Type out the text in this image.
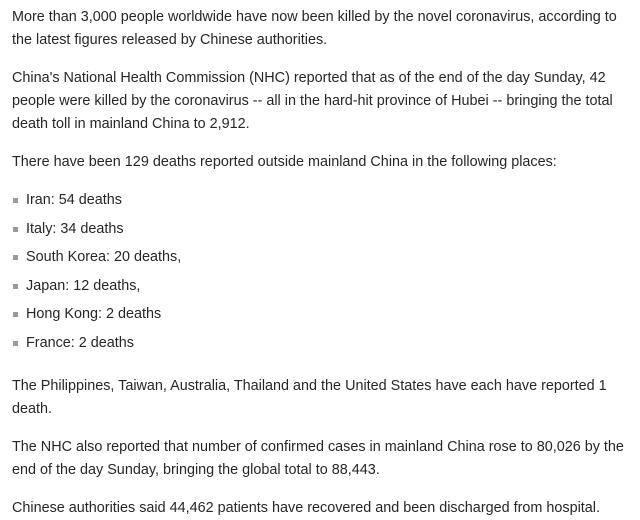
More than 3,000 people worldwide have now been killed by the novel coronavirus, according to the latest figures released by Chinese authorities.

China's National Health Commission (NHC) reported that as of the end of the day Sunday, 42 people were killed by the coronavirus -- all in the hard-hit province of Hubei -- bringing the total death toll in mainland China to 2,912.

There have been 129 deaths reported outside mainland China in the following places:

Iran: 54 deaths
Italy: 34 deaths
South Korea: 20 deaths,
Japan: 12 deaths,
Hong Kong: 2 deaths
France: 2 deaths

The Philippines, Taiwan, Australia, Thailand and the United States have each have reported 1 death.

The NHC also reported that number of confirmed cases in mainland China rose to 80,026 by the end of the day Sunday, bringing the global total to 88,443.

Chinese authorities said 44,462 patients have recovered and been discharged from hospital.
